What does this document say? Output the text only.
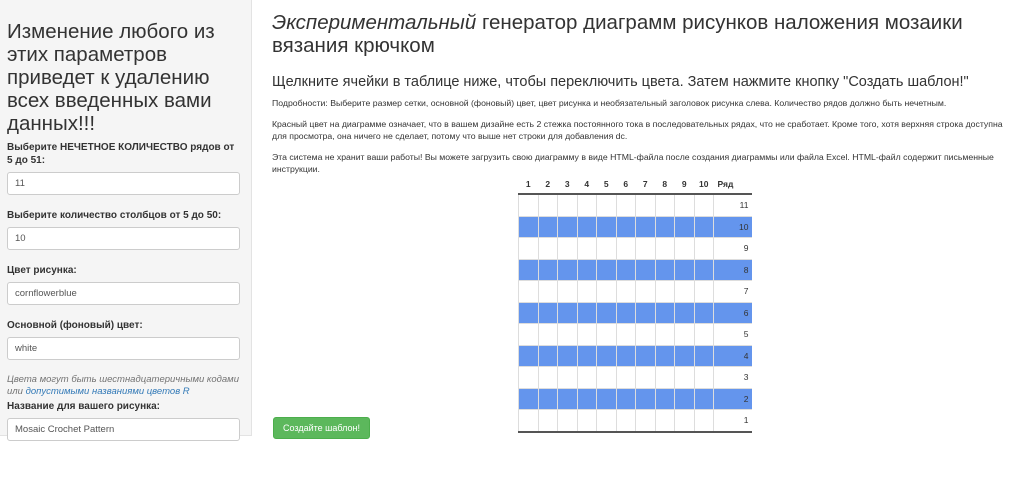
Изменение любого из этих параметров приведет к удалению всех введенных вами данных!!!
Выберите НЕЧЕТНОЕ КОЛИЧЕСТВО рядов от 5 до 51:
11
Выберите количество столбцов от 5 до 50:
10
Цвет рисунка:
cornflowerblue
Основной (фоновый) цвет:
white

Цвета могут быть шестнадцатеричными кодами или допустимыми названиями цветов R

Название для вашего рисунка:
Mosaic Crochet Pattern
Экспериментальный генератор диаграмм рисунков наложения мозаики вязания крючком
Щелкните ячейки в таблице ниже, чтобы переключить цвета. Затем нажмите кнопку "Создать шаблон!"

Подробности: Выберите размер сетки, основной (фоновый) цвет, цвет рисунка и необязательный заголовок рисунка слева. Количество рядов должно быть нечетным.

Красный цвет на диаграмме означает, что в вашем дизайне есть 2 стежка постоянного тока в последовательных рядах, что не сработает. Кроме того, хотя верхняя строка доступна для просмотра, она ничего не сделает, потому что выше нет строки для добавления dc.

Эта система не хранит ваши работы! Вы можете загрузить свою диаграмму в виде HTML-файла после создания диаграммы или файла Excel. HTML-файл содержит письменные инструкции.

1	2	3	4	5	6	7	8	9	10	Ряд
										11
										10
										9
										8
										7
										6
										5
										4
										3
										2
										1
Создайте шаблон!
